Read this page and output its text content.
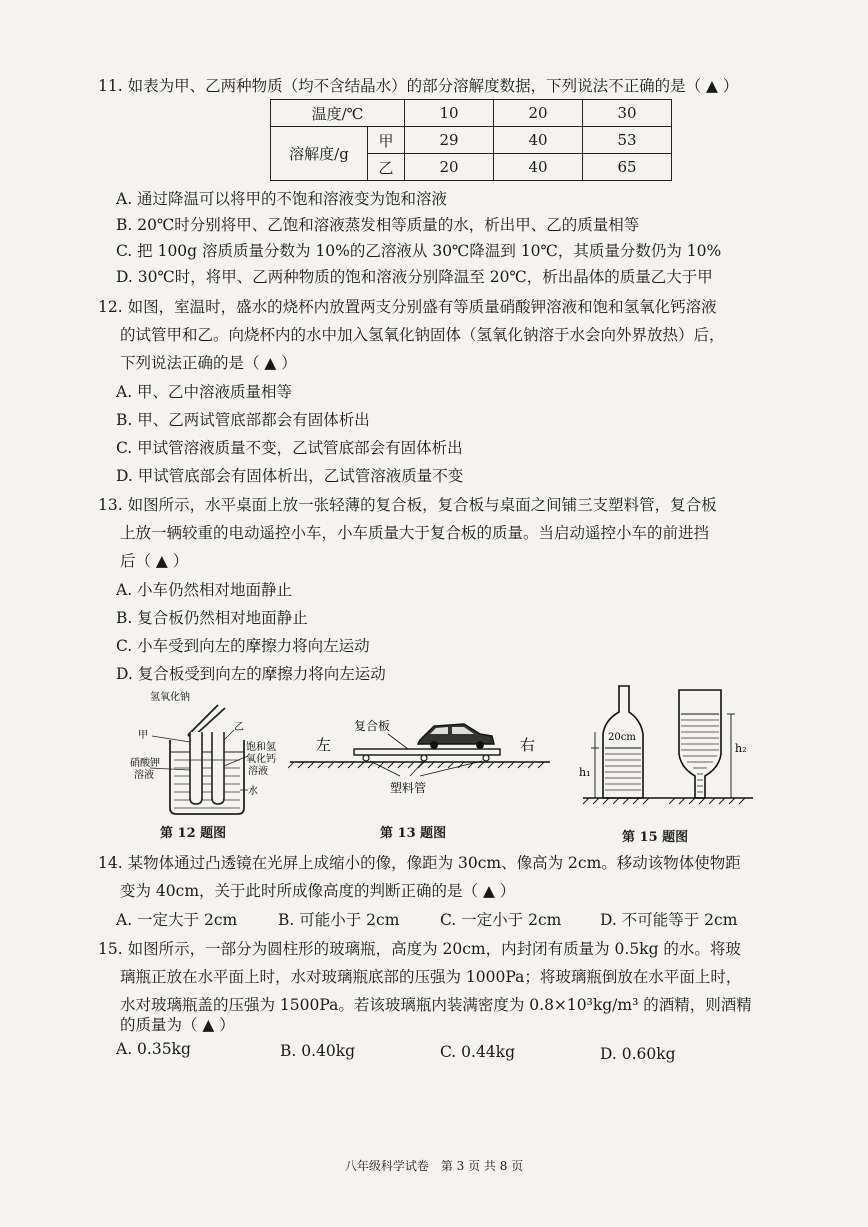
11. 如表为甲、乙两种物质（均不含结晶水）的部分溶解度数据，下列说法不正确的是（ ▲ ）
温度/℃		10	20	30
溶解度/g	甲	29	40	53
	乙	20	40	65
A. 通过降温可以将甲的不饱和溶液变为饱和溶液
B. 20℃时分别将甲、乙饱和溶液蒸发相等质量的水，析出甲、乙的质量相等
C. 把 100g 溶质质量分数为 10%的乙溶液从 30℃降温到 10℃，其质量分数仍为 10%
D. 30℃时，将甲、乙两种物质的饱和溶液分别降温至 20℃，析出晶体的质量乙大于甲
12. 如图，室温时，盛水的烧杯内放置两支分别盛有等质量硝酸钾溶液和饱和氢氧化钙溶液
的试管甲和乙。向烧杯内的水中加入氢氧化钠固体（氢氧化钠溶于水会向外界放热）后，
下列说法正确的是（ ▲ ）
A. 甲、乙中溶液质量相等
B. 甲、乙两试管底部都会有固体析出
C. 甲试管溶液质量不变，乙试管底部会有固体析出
D. 甲试管底部会有固体析出，乙试管溶液质量不变
13. 如图所示，水平桌面上放一张轻薄的复合板，复合板与桌面之间铺三支塑料管，复合板
上放一辆较重的电动遥控小车，小车质量大于复合板的质量。当启动遥控小车的前进挡
后（ ▲ ）
A. 小车仍然相对地面静止
B. 复合板仍然相对地面静止
C. 小车受到向左的摩擦力将向左运动
D. 复合板受到向左的摩擦力将向左运动
氢氧化钠
甲
乙
硝酸钾
溶液
饱和氢
氧化钙
溶液
水
第 12 题图
左	右
复合板
塑料管
第 13 题图
20cm
h₁
h₂
第 15 题图
14. 某物体通过凸透镜在光屏上成缩小的像，像距为 30cm、像高为 2cm。移动该物体使物距
变为 40cm，关于此时所成像高度的判断正确的是（ ▲ ）
A. 一定大于 2cm	B. 可能小于 2cm	C. 一定小于 2cm D. 不可能等于 2cm
15. 如图所示，一部分为圆柱形的玻璃瓶，高度为 20cm，内封闭有质量为 0.5kg 的水。将玻
璃瓶正放在水平面上时，水对玻璃瓶底部的压强为 1000Pa；将玻璃瓶倒放在水平面上时，
水对玻璃瓶盖的压强为 1500Pa。若该玻璃瓶内装满密度为 0.8×10³kg/m³ 的酒精，则酒精
的质量为（ ▲ ）
A. 0.35kg	B. 0.40kg	C. 0.44kg	D. 0.60kg
八年级科学试卷　第 3 页 共 8 页
